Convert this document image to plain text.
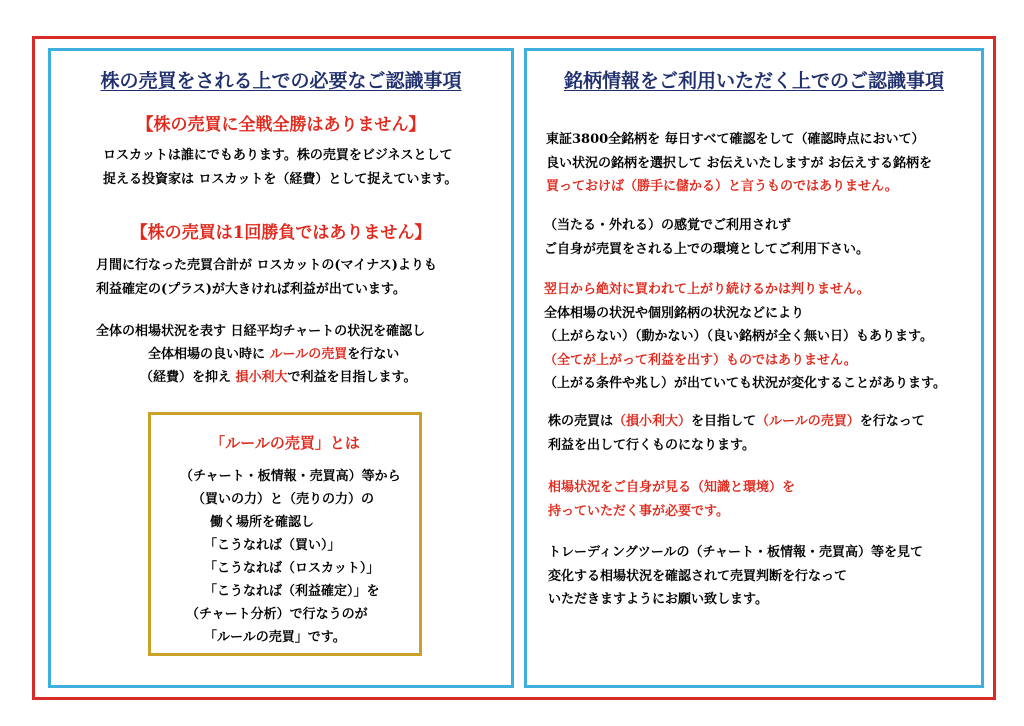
株の売買をされる上での必要なご認識事項
【株の売買に全戦全勝はありません】
ロスカットは誰にでもあります。株の売買をビジネスとして
捉える投資家は ロスカットを（経費）として捉えています。
【株の売買は1回勝負ではありません】
月間に行なった売買合計が ロスカットの(マイナス)よりも
利益確定の(プラス)が大きければ利益が出ています。
全体の相場状況を表す 日経平均チャートの状況を確認し
全体相場の良い時に ルールの売買を行ない
（経費）を抑え 損小利大で利益を目指します。
「ルールの売買」とは
（チャート・板情報・売買高）等から
（買いの力）と（売りの力）の
働く場所を確認し
「こうなれば（買い）」
「こうなれば（ロスカット）」
「こうなれば（利益確定）」を
（チャート分析）で行なうのが
「ルールの売買」です。
銘柄情報をご利用いただく上でのご認識事項
東証3800全銘柄を 毎日すべて確認をして（確認時点において）
良い状況の銘柄を選択して お伝えいたしますが お伝えする銘柄を
買っておけば（勝手に儲かる）と言うものではありません。
（当たる・外れる）の感覚でご利用されず
ご自身が売買をされる上での環境としてご利用下さい。
翌日から絶対に買われて上がり続けるかは判りません。
全体相場の状況や個別銘柄の状況などにより
（上がらない）（動かない）（良い銘柄が全く無い日）もあります。
（全てが上がって利益を出す）ものではありません。
（上がる条件や兆し）が出ていても状況が変化することがあります。
株の売買は（損小利大）を目指して（ルールの売買）を行なって
利益を出して行くものになります。
相場状況をご自身が見る（知識と環境）を
持っていただく事が必要です。
トレーディングツールの（チャート・板情報・売買高）等を見て
変化する相場状況を確認されて売買判断を行なって
いただきますようにお願い致します。
